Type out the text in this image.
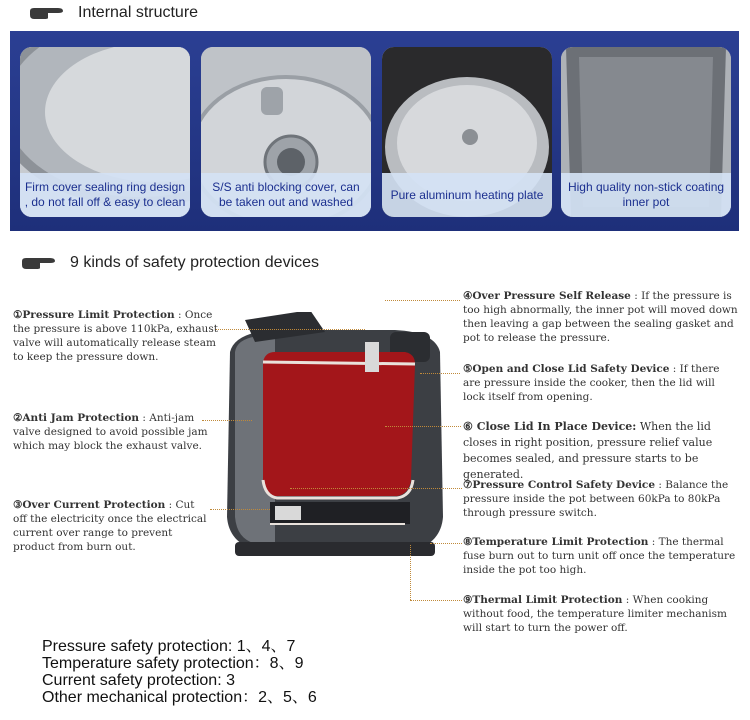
Internal structure
Firm cover sealing ring design , do not fall off & easy to clean
S/S anti blocking cover, can be taken out and washed
Pure aluminum heating plate
High quality non-stick coating inner pot
9 kinds of safety protection devices
①Pressure Limit Protection : Once the pressure is above 110kPa, exhaust valve will automatically release steam to keep the pressure down.
②Anti Jam Protection : Anti-jam valve designed to avoid possible jam which may block the exhaust valve.
③Over Current Protection : Cut off the electricity once the electrical current over range to prevent product from burn out.
④Over Pressure Self Release : If the pressure is too high abnormally, the inner pot will moved down then leaving a gap between the sealing gasket and pot to release the pressure.
⑤Open and Close Lid Safety Device : If there are pressure inside the cooker, then the lid will lock itself from opening.
⑥ Close Lid In Place Device: When the lid closes in right position, pressure relief value becomes sealed, and pressure starts to be generated.
⑦Pressure Control Safety Device : Balance the pressure inside the pot between 60kPa to 80kPa through pressure switch.
⑧Temperature Limit Protection : The thermal fuse burn out to turn unit off once the temperature inside the pot too high.
⑨Thermal Limit Protection : When cooking without food, the temperature limiter mechanism will start to turn the power off.
Pressure safety protection: 1、4、7
Temperature safety protection：8、9
Current safety protection: 3
Other mechanical protection：2、5、6
